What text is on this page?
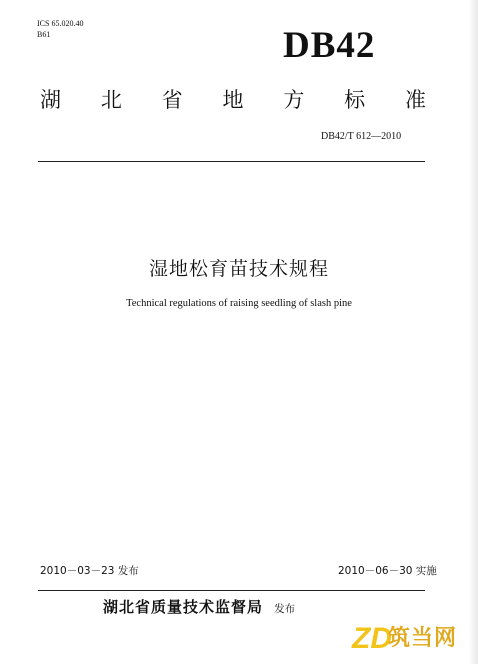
ICS 65.020.40
B61	DB42
湖 北 省 地 方 标 准
DB42/T 612—2010
湿地松育苗技术规程
Technical regulations of raising seedling of slash pine
2010－03－23 发布	2010－06－30 实施
湖北省质量技术监督局 发布
ZD
筑当网
